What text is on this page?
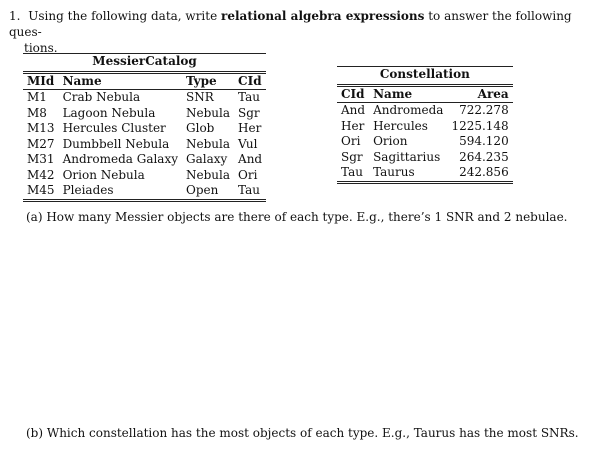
1. Using the following data, write relational algebra expressions to answer the following ques-
tions.
MessierCatalog			
MId	Name	Type	CId
M1	Crab Nebula	SNR	Tau
M8	Lagoon Nebula	Nebula	Sgr
M13	Hercules Cluster	Glob	Her
M27	Dumbbell Nebula	Nebula	Vul
M31	Andromeda Galaxy	Galaxy	And
M42	Orion Nebula	Nebula	Ori
M45	Pleiades	Open	Tau
Constellation		
CId	Name	Area
And	Andromeda	722.278
Her	Hercules	1225.148
Ori	Orion	594.120
Sgr	Sagittarius	264.235
Tau	Taurus	242.856
(a) How many Messier objects are there of each type. E.g., there’s 1 SNR and 2 nebulae.
(b) Which constellation has the most objects of each type. E.g., Taurus has the most SNRs.
